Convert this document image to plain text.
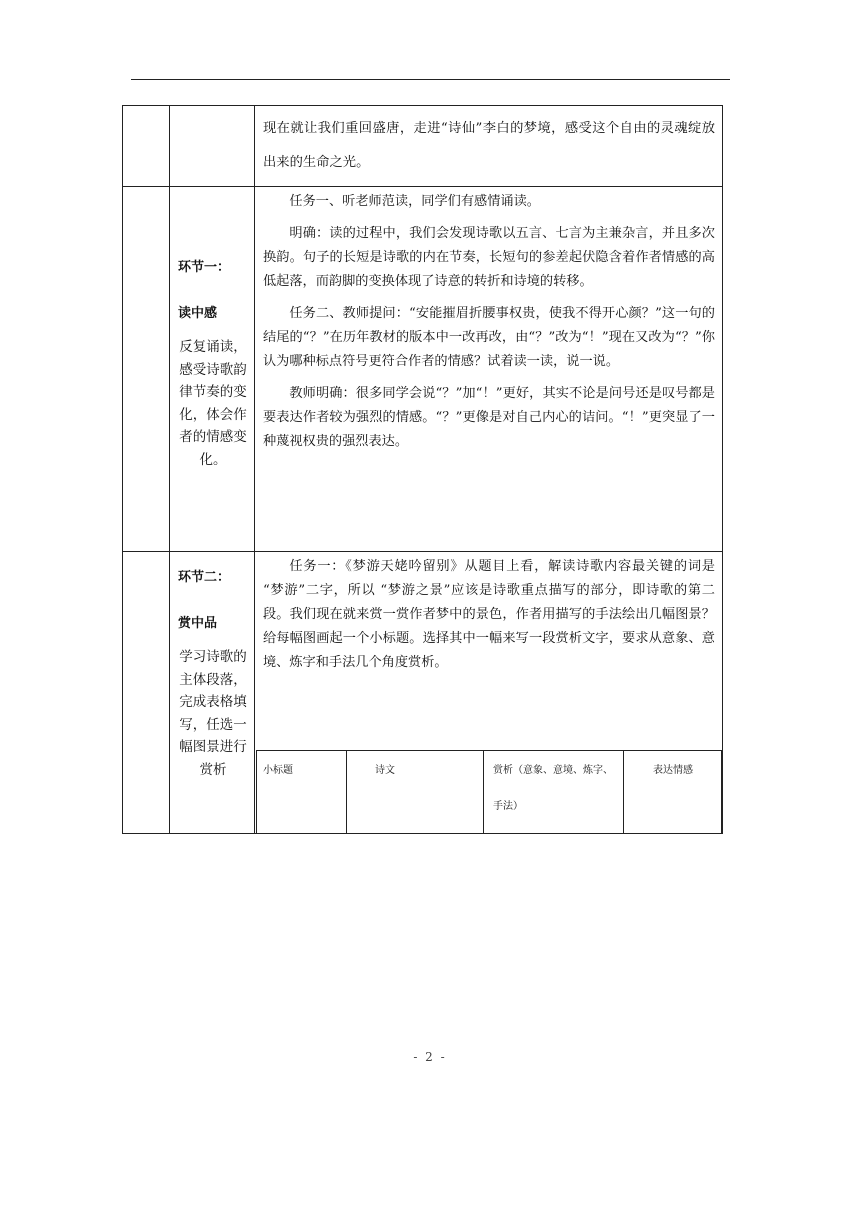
现在就让我们重回盛唐，走进“诗仙”李白的梦境，感受这个自由的灵魂绽放出来的生命之光。
环节一：
读中感
反复诵读，感受诗歌韵律节奏的变化，体会作者的情感变化。

任务一、听老师范读，同学们有感情诵读。

明确：读的过程中，我们会发现诗歌以五言、七言为主兼杂言，并且多次换韵。句子的长短是诗歌的内在节奏，长短句的参差起伏隐含着作者情感的高低起落，而韵脚的变换体现了诗意的转折和诗境的转移。

任务二、教师提问：“安能摧眉折腰事权贵，使我不得开心颜？”这一句的结尾的“？”在历年教材的版本中一改再改，由“？”改为“！”现在又改为“？”你认为哪种标点符号更符合作者的情感？试着读一读，说一说。

教师明确：很多同学会说“？”加“！”更好，其实不论是问号还是叹号都是要表达作者较为强烈的情感。“？”更像是对自己内心的诘问。“！”更突显了一种蔑视权贵的强烈表达。

环节二：
赏中品
学习诗歌的主体段落，完成表格填写，任选一幅图景进行赏析

任务一：《梦游天姥吟留别》从题目上看，解读诗歌内容最关键的词是 “梦游”二字，所以 “梦游之景”应该是诗歌重点描写的部分，即诗歌的第二段。我们现在就来赏一赏作者梦中的景色，作者用描写的手法绘出几幅图景？给每幅图画起一个小标题。选择其中一幅来写一段赏析文字，要求从意象、意境、炼字和手法几个角度赏析。

小标题	诗文	赏析（意象、意境、炼字、手法）
表达情感
- 2 -
